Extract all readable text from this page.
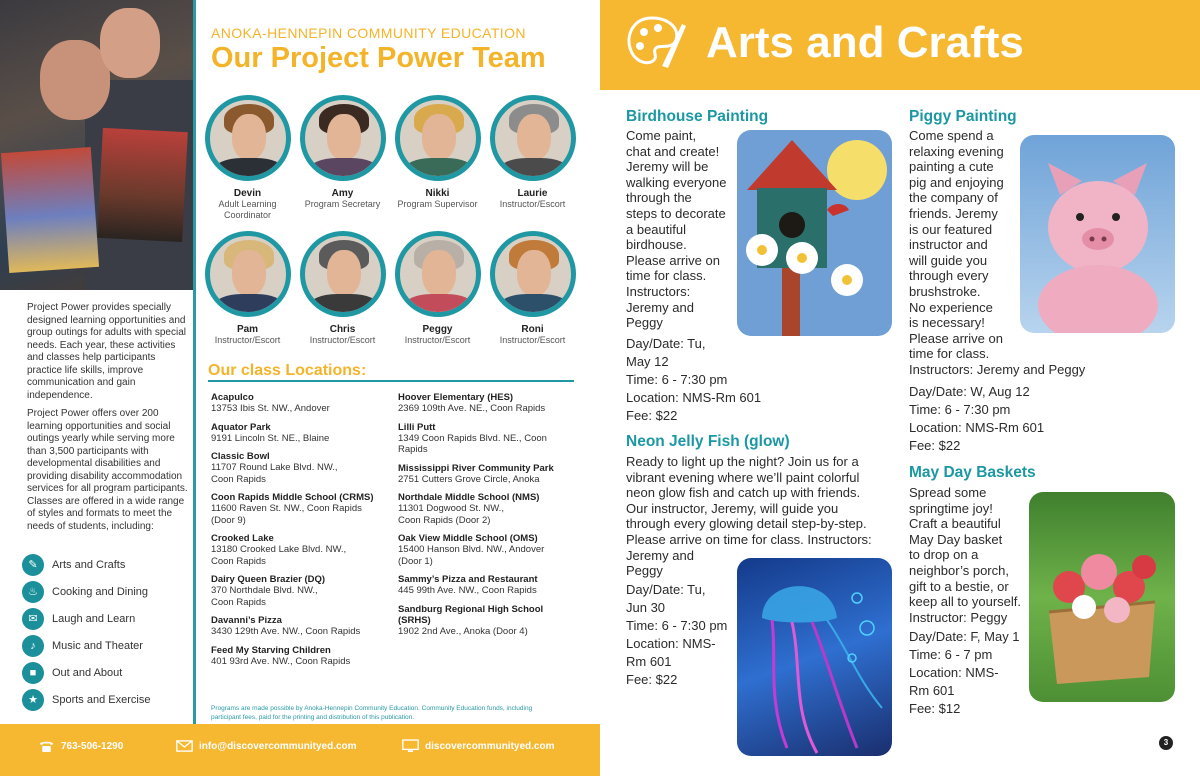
Project Power provides specially designed learning opportunities and group outings for adults with special needs. Each year, these activities and classes help participants practice life skills, improve communication and gain independence.

Project Power offers over 200 learning opportunities and social outings yearly while serving more than 3,500 participants with developmental disabilities and providing disability accommodation services for all program participants. Classes are offered in a wide range of styles and formats to meet the needs of students, including:

✎	Arts and Crafts
♨	Cooking and Dining
✉	Laugh and Learn
♪	Music and Theater
■	Out and About
★	Sports and Exercise
ANOKA-HENNEPIN COMMUNITY EDUCATION
Our Project Power Team
Devin
Adult Learning Coordinator
Amy
Program Secretary
Nikki
Program Supervisor
Laurie
Instructor/Escort
Pam
Instructor/Escort
Chris
Instructor/Escort
Peggy
Instructor/Escort
Roni
Instructor/Escort
Our class Locations:
Acapulco
13753 Ibis St. NW., Andover
Aquator Park
9191 Lincoln St. NE., Blaine
Classic Bowl
11707 Round Lake Blvd. NW., Coon Rapids
Coon Rapids Middle School (CRMS)
11600 Raven St. NW., Coon Rapids (Door 9)
Crooked Lake
13180 Crooked Lake Blvd. NW., Coon Rapids
Dairy Queen Brazier (DQ)
370 Northdale Blvd. NW., Coon Rapids
Davanni’s Pizza
3430 129th Ave. NW., Coon Rapids
Feed My Starving Children
401 93rd Ave. NW., Coon Rapids
Hoover Elementary (HES)
2369 109th Ave. NE., Coon Rapids
Lilli Putt
1349 Coon Rapids Blvd. NE., Coon Rapids
Mississippi River Community Park
2751 Cutters Grove Circle, Anoka
Northdale Middle School (NMS)
11301 Dogwood St. NW., Coon Rapids (Door 2)
Oak View Middle School (OMS)
15400 Hanson Blvd. NW., Andover (Door 1)
Sammy’s Pizza and Restaurant
445 99th Ave. NW., Coon Rapids
Sandburg Regional High School (SRHS)
1902 2nd Ave., Anoka (Door 4)
Programs are made possible by Anoka-Hennepin Community Education. Community Education funds, including participant fees, paid for the printing and distribution of this publication.
763-506-1290	info@discovercommunityed.com	discovercommunityed.com
Arts and Crafts
Birdhouse Painting
Come paint,
chat and create!
Jeremy will be
walking everyone
through the
steps to decorate
a beautiful
birdhouse.
Please arrive on
time for class.
Instructors:
Jeremy and
Peggy
Day/Date: Tu,
May 12
Time: 6 - 7:30 pm
Location: NMS-Rm 601
Fee: $22
Neon Jelly Fish (glow)
Ready to light up the night? Join us for a
vibrant evening where we’ll paint colorful
neon glow fish and catch up with friends.
Our instructor, Jeremy, will guide you
through every glowing detail step-by-step.
Please arrive on time for class. Instructors:
Jeremy and
Peggy
Day/Date: Tu,
Jun 30
Time: 6 - 7:30 pm
Location: NMS-
Rm 601
Fee: $22
Piggy Painting
Come spend a
relaxing evening
painting a cute
pig and enjoying
the company of
friends. Jeremy
is our featured
instructor and
will guide you
through every
brushstroke.
No experience
is necessary!
Please arrive on
time for class.
Instructors: Jeremy and Peggy
Day/Date: W, Aug 12
Time: 6 - 7:30 pm
Location: NMS-Rm 601
Fee: $22
May Day Baskets
Spread some
springtime joy!
Craft a beautiful
May Day basket
to drop on a
neighbor’s porch,
gift to a bestie, or
keep all to yourself.
Instructor: Peggy
Day/Date: F, May 1
Time: 6 - 7 pm
Location: NMS-
Rm 601
Fee: $12
3
